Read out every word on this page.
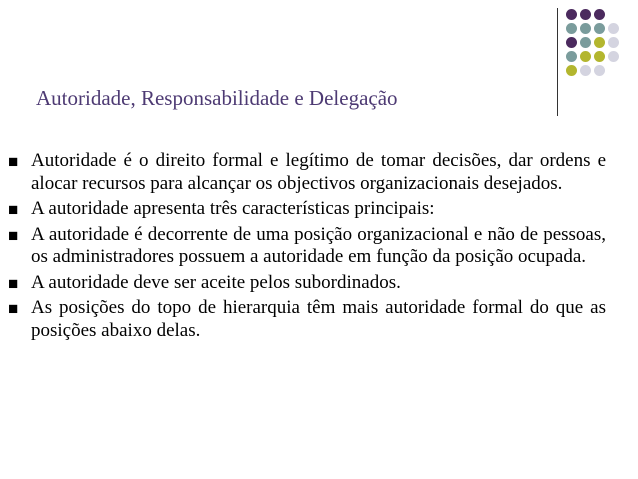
Autoridade, Responsabilidade e Delegação
■ Autoridade é o direito formal e legítimo de tomar decisões, dar ordens e alocar recursos para alcançar os objectivos organizacionais desejados.
■ A autoridade apresenta três características principais:
■ A autoridade é decorrente de uma posição organizacional e não de pessoas, os administradores possuem a autoridade em função da posição ocupada.
■ A autoridade deve ser aceite pelos subordinados.
■ As posições do topo de hierarquia têm mais autoridade formal do que as posições abaixo delas.
